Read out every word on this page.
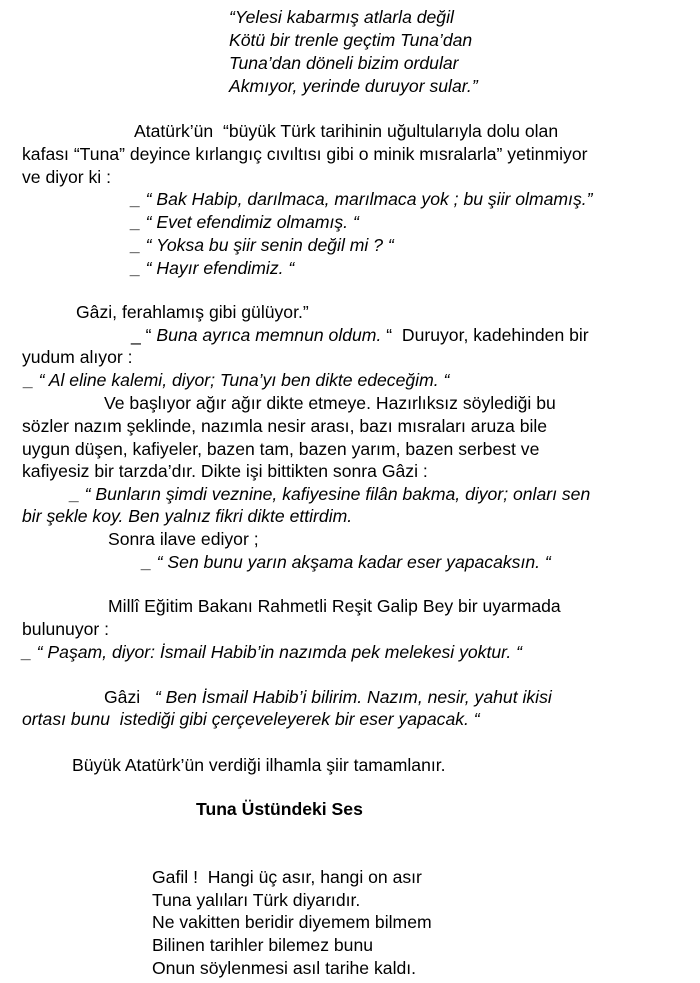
“Yelesi kabarmış atlarla değil
Kötü bir trenle geçtim Tuna’dan
Tuna’dan döneli bizim ordular
Akmıyor, yerinde duruyor sular.”
Atatürk’ün  “büyük Türk tarihinin uğultularıyla dolu olan
kafası “Tuna” deyince kırlangıç cıvıltısı gibi o minik mısralarla” yetinmiyor
ve diyor ki :
_ “ Bak Habip, darılmaca, marılmaca yok ; bu şiir olmamış.”
_ “ Evet efendimiz olmamış. “
_ “ Yoksa bu şiir senin değil mi ? “
_ “ Hayır efendimiz. “
Gâzi, ferahlamış gibi gülüyor.”
_ “ Buna ayrıca memnun oldum. “  Duruyor, kadehinden bir
yudum alıyor :
_ “ Al eline kalemi, diyor; Tuna’yı ben dikte edeceğim. “
Ve başlıyor ağır ağır dikte etmeye. Hazırlıksız söylediği bu
sözler nazım şeklinde, nazımla nesir arası, bazı mısraları aruza bile
uygun düşen, kafiyeler, bazen tam, bazen yarım, bazen serbest ve
kafiyesiz bir tarzda’dır. Dikte işi bittikten sonra Gâzi :
_ “ Bunların şimdi veznine, kafiyesine filân bakma, diyor; onları sen
bir şekle koy. Ben yalnız fikri dikte ettirdim.
Sonra ilave ediyor ;
_ “ Sen bunu yarın akşama kadar eser yapacaksın. “
Millî Eğitim Bakanı Rahmetli Reşit Galip Bey bir uyarmada
bulunuyor :
_ “ Paşam, diyor: İsmail Habib’in nazımda pek melekesi yoktur. “
Gâzi   “ Ben İsmail Habib’i bilirim. Nazım, nesir, yahut ikisi
ortası bunu  istediği gibi çerçeveleyerek bir eser yapacak. “
Büyük Atatürk’ün verdiği ilhamla şiir tamamlanır.
Tuna Üstündeki Ses
Gafil !  Hangi üç asır, hangi on asır
Tuna yalıları Türk diyarıdır.
Ne vakitten beridir diyemem bilmem
Bilinen tarihler bilemez bunu
Onun söylenmesi asıl tarihe kaldı.
